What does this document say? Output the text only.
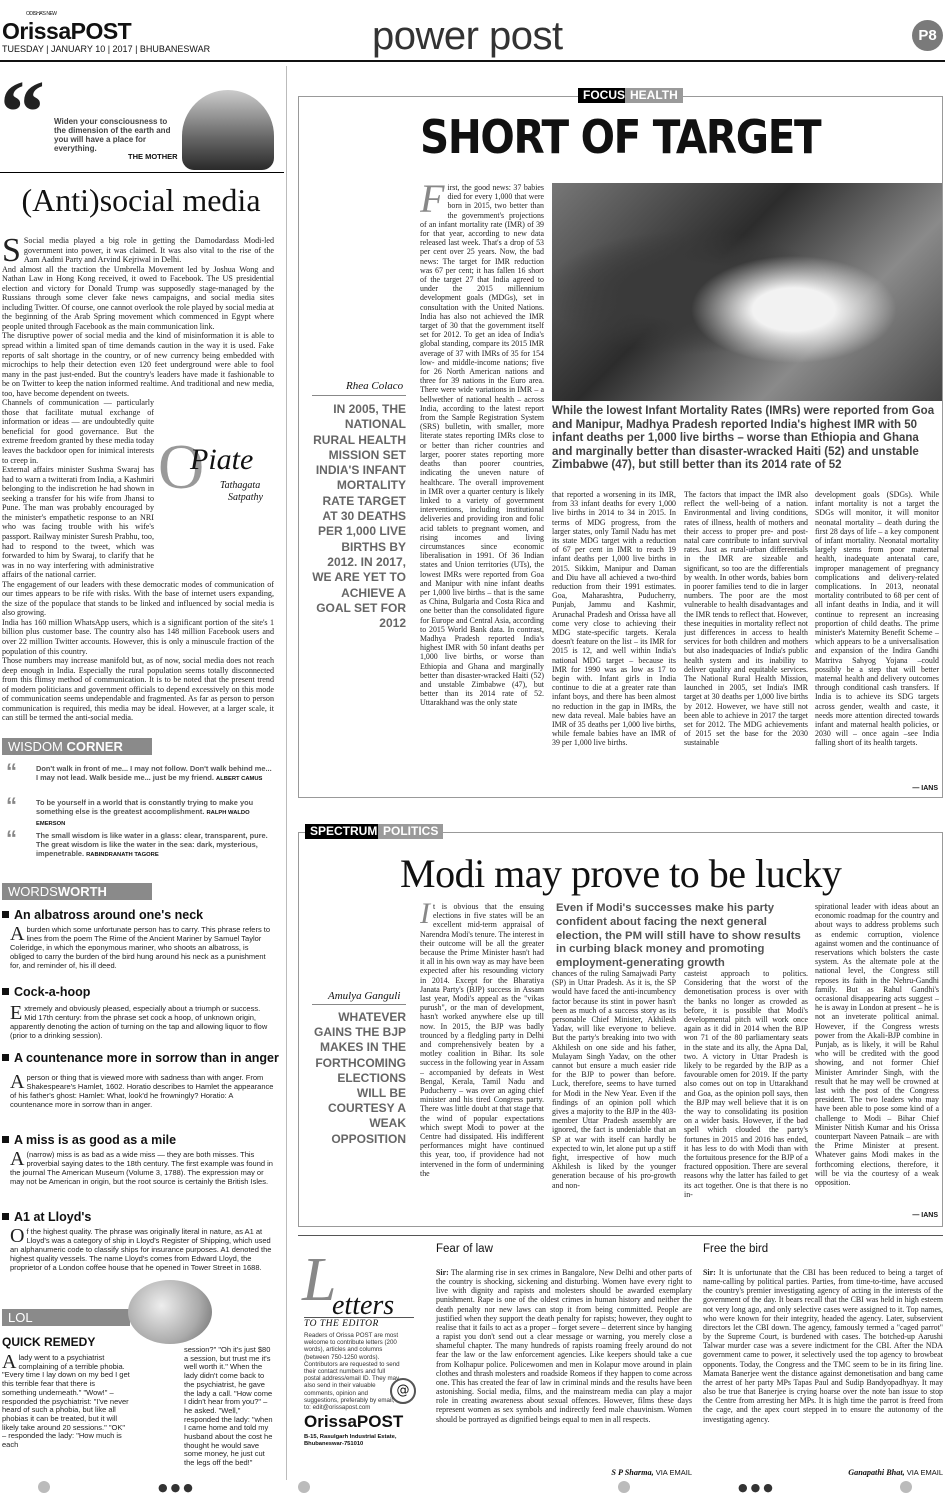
ODISHA'S NEW
OrissaPOST
TUESDAY | JANUARY 10 | 2017 | BHUBANESWAR	power post	P8
“ Widen your consciousness to the dimension of the earth and you will have a place for everything.
THE MOTHER
(Anti)social media

S Social media played a big role in getting the Damodardass Modi-led government into power, it was claimed. It was also vital to the rise of the Aam Aadmi Party and Arvind Kejriwal in Delhi.

And almost all the traction the Umbrella Movement led by Joshua Wong and Nathan Law in Hong Kong received, it owed to Facebook. The US presidential election and victory for Donald Trump was supposedly stage-managed by the Russians through some clever fake news campaigns, and social media sites including Twitter. Of course, one cannot overlook the role played by social media at the beginning of the Arab Spring movement which commenced in Egypt where people united through Facebook as the main communication link.

The disruptive power of social media and the kind of misinformation it is able to spread within a limited span of time demands caution in the way it is used. Fake reports of salt shortage in the country, or of new currency being embedded with microchips to help their detection even 120 feet underground were able to fool many in the past just-ended. But the country's leaders have made it fashionable to be on Twitter to keep the nation informed realtime. And traditional and new media, too, have become dependent on tweets.

Channels of communication — particularly those that facilitate mutual exchange of information or ideas — are undoubtedly quite beneficial for good governance. But the extreme freedom granted by these media today leaves the backdoor open for inimical interests to creep in.

External affairs minister Sushma Swaraj has had to warn a twitterati from India, a Kashmiri belonging to the indiscretion he had shown in seeking a transfer for his wife from Jhansi to Pune. The man was probably encouraged by the minister's empathetic response to an NRI who was facing trouble with his wife's passport. Railway minister Suresh Prabhu, too, had to respond to the tweet, which was forwarded to him by Swaraj, to clarify that he was in no way interfering with administrative affairs of the national carrier.

The engagement of our leaders with these democratic modes of communication of our times appears to be rife with risks. With the base of internet users expanding, the size of the populace that stands to be linked and influenced by social media is also growing.

India has 160 million WhatsApp users, which is a significant portion of the site's 1 billion plus customer base. The country also has 148 million Facebook users and over 22 million Twitter accounts. However, this is only a minuscule fraction of the population of this country.

Those numbers may increase manifold but, as of now, social media does not reach deep enough in India. Especially the rural population seems totally disconnected from this flimsy method of communication. It is to be noted that the present trend of modern politicians and government officials to depend excessively on this mode of communication seems undependable and fragmented. As far as person to person communication is required, this media may be ideal. However, at a larger scale, it can still be termed the anti-social media.

O
Piate
Tathagata
Satpathy
WISDOM CORNER
“	Don't walk in front of me... I may not follow. Don't walk behind me... I may not lead. Walk beside me... just be my friend. ALBERT CAMUS
“	To be yourself in a world that is constantly trying to make you something else is the greatest accomplishment. RALPH WALDO EMERSON
“	The small wisdom is like water in a glass: clear, transparent, pure. The great wisdom is like the water in the sea: dark, mysterious, impenetrable. RABINDRANATH TAGORE
WORDSWORTH
An albatross around one's neck
Aburden which some unfortunate person has to carry. This phrase refers to lines from the poem The Rime of the Ancient Mariner by Samuel Taylor Coleridge, in which the eponymous mariner, who shoots an albatross, is obliged to carry the burden of the bird hung around his neck as a punishment for, and reminder of, his ill deed.
Cock-a-hoop
Extremely and obviously pleased, especially about a triumph or success. Mid 17th century: from the phrase set cock a hoop, of unknown origin, apparently denoting the action of turning on the tap and allowing liquor to flow (prior to a drinking session).
A countenance more in sorrow than in anger
A person or thing that is viewed more with sadness than with anger. From Shakespeare's Hamlet, 1602. Horatio describes to Hamlet the appearance of his father's ghost: Hamlet: What, look'd he frowningly? Horatio: A countenance more in sorrow than in anger.
A miss is as good as a mile
A (narrow) miss is as bad as a wide miss — they are both misses. This proverbial saying dates to the 18th century. The first example was found in the journal The American Museum (Volume 3, 1788). The expression may or may not be American in origin, but the root source is certainly the British Isles.
A1 at Lloyd's
Of the highest quality. The phrase was originally literal in nature, as A1 at Lloyd's was a category of ship in Lloyd's Register of Shipping, which used an alphanumeric code to classify ships for insurance purposes. A1 denoted the highest quality vessels. The name Lloyd's comes from Edward Lloyd, the proprietor of a London coffee house that he opened in Tower Street in 1688.
LOL
QUICK REMEDY
A lady went to a psychiatrist complaining of a terrible phobia. "Every time I lay down on my bed I get this terrible fear that there is something underneath." "Wow!" – responded the psychiatrist: "I've never heard of such a phobia, but like all phobias it can be treated, but it will likely take around 20 sessions." "OK" – responded the lady: "How much is each
session?" "Oh it's just $80 a session, but trust me it's well worth it." When the lady didn't come back to the psychiatrist, he gave the lady a call. "How come I didn't hear from you?" – he asked. "Well," responded the lady: "when I came home and told my husband about the cost he thought he would save some money, he just cut the legs off the bed!"
FOCUS HEALTH
SHORT OF TARGET
While the lowest Infant Mortality Rates (IMRs) were reported from Goa and Manipur, Madhya Pradesh reported India's highest IMR with 50 infant deaths per 1,000 live births – worse than Ethiopia and Ghana and marginally better than disaster-wracked Haiti (52) and unstable Zimbabwe (47), but still better than its 2014 rate of 52
Rhea Colaco
IN 2005, THE NATIONAL RURAL HEALTH MISSION SET INDIA'S INFANT MORTALITY RATE TARGET AT 30 DEATHS PER 1,000 LIVE BIRTHS BY 2012. IN 2017, WE ARE YET TO ACHIEVE A GOAL SET FOR 2012
First, the good news: 37 babies died for every 1,000 that were born in 2015, two better than the government's projections of an infant mortality rate (IMR) of 39 for that year, according to new data released last week. That's a drop of 53 per cent over 25 years. Now, the bad news: The target for IMR reduction was 67 per cent; it has fallen 16 short of the target 27 that India agreed to under the 2015 millennium development goals (MDGs), set in consultation with the United Nations. India has also not achieved the IMR target of 30 that the government itself set for 2012. To get an idea of India's global standing, compare its 2015 IMR average of 37 with IMRs of 35 for 154 low- and middle-income nations; five for 26 North American nations and three for 39 nations in the Euro area. There were wide variations in IMR – a bellwether of national health – across India, according to the latest report from the Sample Registration System (SRS) bulletin, with smaller, more literate states reporting IMRs close to or better than richer countries and larger, poorer states reporting more deaths than poorer countries, indicating the uneven nature of healthcare. The overall improvement in IMR over a quarter century is likely linked to a variety of government interventions, including institutional deliveries and providing iron and folic acid tablets to pregnant women, and rising incomes and living circumstances since economic liberalisation in 1991. Of 36 Indian states and Union territories (UTs), the lowest IMRs were reported from Goa and Manipur with nine infant deaths per 1,000 live births – that is the same as China, Bulgaria and Costa Rica and one better than the consolidated figure for Europe and Central Asia, according to 2015 World Bank data. In contrast, Madhya Pradesh reported India's highest IMR with 50 infant deaths per 1,000 live births, or worse than Ethiopia and Ghana and marginally better than disaster-wracked Haiti (52) and unstable Zimbabwe (47), but better than its 2014 rate of 52. Uttarakhand was the only state
that reported a worsening in its IMR, from 33 infant deaths for every 1,000 live births in 2014 to 34 in 2015. In terms of MDG progress, from the larger states, only Tamil Nadu has met its state MDG target with a reduction of 67 per cent in IMR to reach 19 infant deaths per 1,000 live births in 2015. Sikkim, Manipur and Daman and Diu have all achieved a two-third reduction from their 1991 estimates. Goa, Maharashtra, Puducherry, Punjab, Jammu and Kashmir, Arunachal Pradesh and Orissa have all come very close to achieving their MDG state-specific targets. Kerala doesn't feature on the list – its IMR for 2015 is 12, and well within India's national MDG target – because its IMR for 1990 was as low as 17 to begin with. Infant girls in India continue to die at a greater rate than infant boys, and there has been almost no reduction in the gap in IMRs, the new data reveal. Male babies have an IMR of 35 deaths per 1,000 live births, while female babies have an IMR of 39 per 1,000 live births.
The factors that impact the IMR also reflect the well-being of a nation. Environmental and living conditions, rates of illness, health of mothers and their access to proper pre- and post-natal care contribute to infant survival rates. Just as rural-urban differentials in the IMR are sizeable and significant, so too are the differentials by wealth. In other words, babies born in poorer families tend to die in larger numbers. The poor are the most vulnerable to health disadvantages and the IMR tends to reflect that. However, these inequities in mortality reflect not just differences in access to health services for both children and mothers but also inadequacies of India's public health system and its inability to deliver quality and equitable services. The National Rural Health Mission, launched in 2005, set India's IMR target at 30 deaths per 1,000 live births by 2012. However, we have still not been able to achieve in 2017 the target set for 2012. The MDG achievements of 2015 set the base for the 2030 sustainable
development goals (SDGs). While infant mortality is not a target the SDGs will monitor, it will monitor neonatal mortality – death during the first 28 days of life – a key component of infant mortality. Neonatal mortality largely stems from poor maternal health, inadequate antenatal care, improper management of pregnancy complications and delivery-related complications. In 2013, neonatal mortality contributed to 68 per cent of all infant deaths in India, and it will continue to represent an increasing proportion of child deaths. The prime minister's Maternity Benefit Scheme –which appears to be a universalisation and expansion of the Indira Gandhi Matritva Sahyog Yojana –could possibly be a step that will better maternal health and delivery outcomes through conditional cash transfers. If India is to achieve its SDG targets across gender, wealth and caste, it needs more attention directed towards infant and maternal health policies, or 2030 will – once again –see India falling short of its health targets.
— IANS
SPECTRUM POLITICS
Modi may prove to be lucky
Even if Modi's successes make his party confident about facing the next general election, the PM will still have to show results in curbing black money and promoting employment-generating growth
Amulya Ganguli
WHATEVER GAINS THE BJP MAKES IN THE FORTHCOMING ELECTIONS WILL BE COURTESY A WEAK OPPOSITION
It is obvious that the ensuing elections in five states will be an excellent mid-term appraisal of Narendra Modi's tenure. The interest in their outcome will be all the greater because the Prime Minister hasn't had it all in his own way as may have been expected after his resounding victory in 2014. Except for the Bharatiya Janata Party's (BJP) success in Assam last year, Modi's appeal as the "vikas purush", or the man of development, hasn't worked anywhere else up till now. In 2015, the BJP was badly trounced by a fledgling party in Delhi and comprehensively beaten by a motley coalition in Bihar. Its sole success in the following year in Assam – accompanied by defeats in West Bengal, Kerala, Tamil Nadu and Puducherry – was over an aging chief minister and his tired Congress party. There was little doubt at that stage that the wind of popular expectations which swept Modi to power at the Centre had dissipated. His indifferent performances might have continued this year, too, if providence had not intervened in the form of undermining the
chances of the ruling Samajwadi Party (SP) in Uttar Pradesh. As it is, the SP would have faced the anti-incumbency factor because its stint in power hasn't been as much of a success story as its personable Chief Minister, Akhilesh Yadav, will like everyone to believe. But the party's breaking into two with Akhilesh on one side and his father, Mulayam Singh Yadav, on the other cannot but ensure a much easier ride for the BJP to power than before. Luck, therefore, seems to have turned for Modi in the New Year. Even if the findings of an opinion poll which gives a majority to the BJP in the 403-member Uttar Pradesh assembly are ignored, the fact is undeniable that an SP at war with itself can hardly be expected to win, let alone put up a stiff fight, irrespective of how much Akhilesh is liked by the younger generation because of his pro-growth and non-
casteist approach to politics. Considering that the worst of the demonetisation process is over with the banks no longer as crowded as before, it is possible that Modi's developmental pitch will work once again as it did in 2014 when the BJP won 71 of the 80 parliamentary seats in the state and its ally, the Apna Dal, two. A victory in Uttar Pradesh is likely to be regarded by the BJP as a favourable omen for 2019. If the party also comes out on top in Uttarakhand and Goa, as the opinion poll says, then the BJP may well believe that it is on the way to consolidating its position on a wider basis. However, if the bad spell which clouded the party's fortunes in 2015 and 2016 has ended, it has less to do with Modi than with the fortuitous presence for the BJP of a fractured opposition. There are several reasons why the latter has failed to get its act together. One is that there is no in-
spirational leader with ideas about an economic roadmap for the country and about ways to address problems such as endemic corruption, violence against women and the continuance of reservations which bolsters the caste system. As the alternate pole at the national level, the Congress still reposes its faith in the Nehru-Gandhi family. But as Rahul Gandhi's occasional disappearing acts suggest – he is away in London at present – he is not an inveterate political animal. However, if the Congress wrests power from the Akali-BJP combine in Punjab, as is likely, it will be Rahul who will be credited with the good showing, and not former Chief Minister Amrinder Singh, with the result that he may well be crowned at last with the post of the Congress president. The two leaders who may have been able to pose some kind of a challenge to Modi – Bihar Chief Minister Nitish Kumar and his Orissa counterpart Naveen Patnaik – are with the Prime Minister at present. Whatever gains Modi makes in the forthcoming elections, therefore, it will be via the courtesy of a weak opposition.
— IANS
L
etters
TO THE EDITOR
Readers of Orissa POST are most welcome to contribute letters (200 words), articles and columns (between 750-1250 words). Contributors are requested to send their contact numbers and full postal address/email ID. They may also send in their valuable comments, opinion and suggestions, preferably by email, to: edit@orissapost.com
@
OrissaPOST
B-15, Rasulgarh Industrial Estate, Bhubaneswar-751010
Fear of law
Sir: The alarming rise in sex crimes in Bangalore, New Delhi and other parts of the country is shocking, sickening and disturbing. Women have every right to live with dignity and rapists and molesters should be awarded exemplary punishment. Rape is one of the oldest crimes in human history and neither the death penalty nor new laws can stop it from being committed. People are justified when they support the death penalty for rapists; however, they ought to realise that it fails to act as a proper – forget severe – deterrent since by hanging a rapist you don't send out a clear message or warning, you merely close a shameful chapter. The many hundreds of rapists roaming freely around do not fear the law or the law enforcement agencies. Like keepers should take a cue from Kolhapur police. Policewomen and men in Kolapur move around in plain clothes and thrash molesters and roadside Romeos if they happen to come across one. This has created the fear of law in criminal minds and the results have been astonishing. Social media, films, and the mainstream media can play a major role in creating awareness about sexual offences. However, films these days represent women as sex symbols and indirectly feed male chauvinism. Women should be portrayed as dignified beings equal to men in all respects.
S P Sharma, VIA EMAIL
Free the bird
Sir: It is unfortunate that the CBI has been reduced to being a target of name-calling by political parties. Parties, from time-to-time, have accused the country's premier investigating agency of acting in the interests of the government of the day. It bears recall that the CBI was held in high esteem not very long ago, and only selective cases were assigned to it. Top names, who were known for their integrity, headed the agency. Later, subservient directors let the CBI down. The agency, famously termed a "caged parrot" by the Supreme Court, is burdened with cases. The botched-up Aarushi Talwar murder case was a severe indictment for the CBI. After the NDA government came to power, it selectively used the top agency to browbeat opponents. Today, the Congress and the TMC seem to be in its firing line. Mamata Banerjee went the distance against demonetisation and bang came the arrest of her party MPs Tapas Paul and Sudip Bandyopadhyay. It may also be true that Banerjee is crying hoarse over the note ban issue to stop the Centre from arresting her MPs. It is high time the parrot is freed from the cage, and the apex court stepped in to ensure the autonomy of the investigating agency.
Ganapathi Bhat, VIA EMAIL
●●●	●●●
